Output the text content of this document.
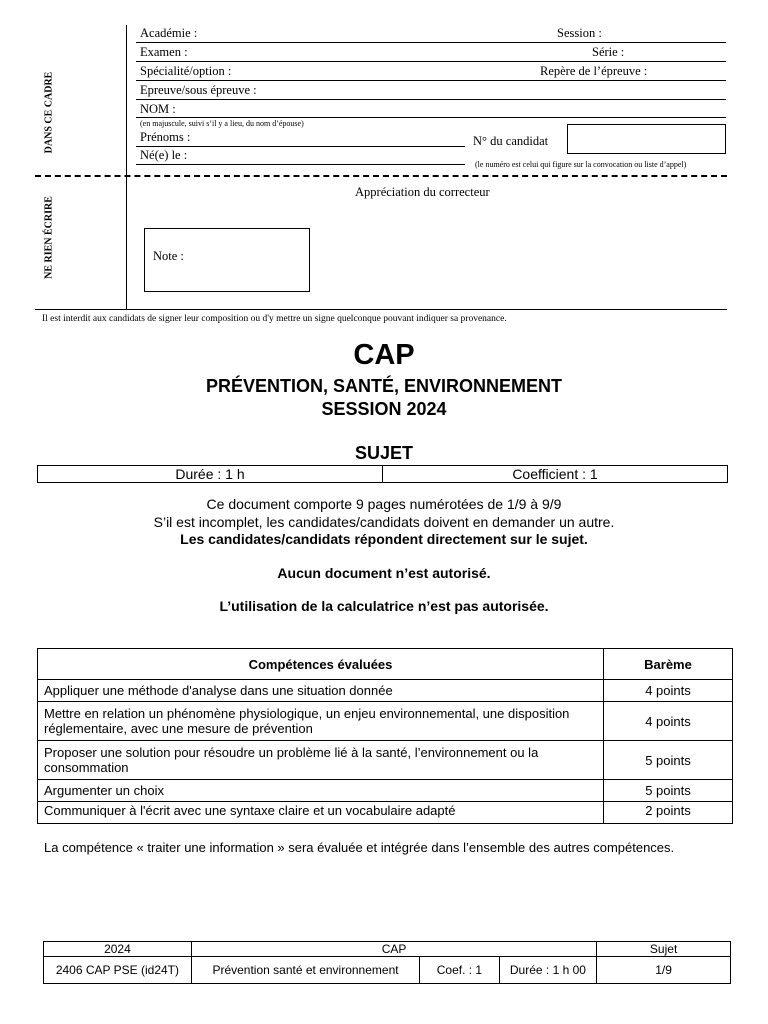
DANS CE CADRE
NE RIEN ÉCRIRE
Académie :	Session :
Examen :	Série :
Spécialité/option :	Repère de l’épreuve :
Epreuve/sous épreuve :
NOM :
(en majuscule, suivi s’il y a lieu, du nom d’épouse)
Prénoms :	N° du candidat
Né(e) le :
(le numéro est celui qui figure sur la convocation ou liste d’appel)
Appréciation du correcteur
Note :
Il est interdit aux candidats de signer leur composition ou d'y mettre un signe quelconque pouvant indiquer sa provenance.
CAP
PRÉVENTION, SANTÉ, ENVIRONNEMENT
SESSION 2024
SUJET
Durée : 1 h	Coefficient : 1
Ce document comporte 9 pages numérotées de 1/9 à 9/9
S’il est incomplet, les candidates/candidats doivent en demander un autre.
Les candidates/candidats répondent directement sur le sujet.
Aucun document n’est autorisé.
L’utilisation de la calculatrice n’est pas autorisée.
Compétences évaluées	Barème
Appliquer une méthode d'analyse dans une situation donnée	4 points
Mettre en relation un phénomène physiologique, un enjeu environnemental, une disposition réglementaire, avec une mesure de prévention	4 points
Proposer une solution pour résoudre un problème lié à la santé, l’environnement ou la consommation	5 points
Argumenter un choix	5 points
Communiquer à l'écrit avec une syntaxe claire et un vocabulaire adapté	2 points
La compétence « traiter une information » sera évaluée et intégrée dans l’ensemble des autres compétences.
2024	CAP			Sujet
2406 CAP PSE (id24T)	Prévention santé et environnement	Coef. : 1	Durée : 1 h 00	1/9
